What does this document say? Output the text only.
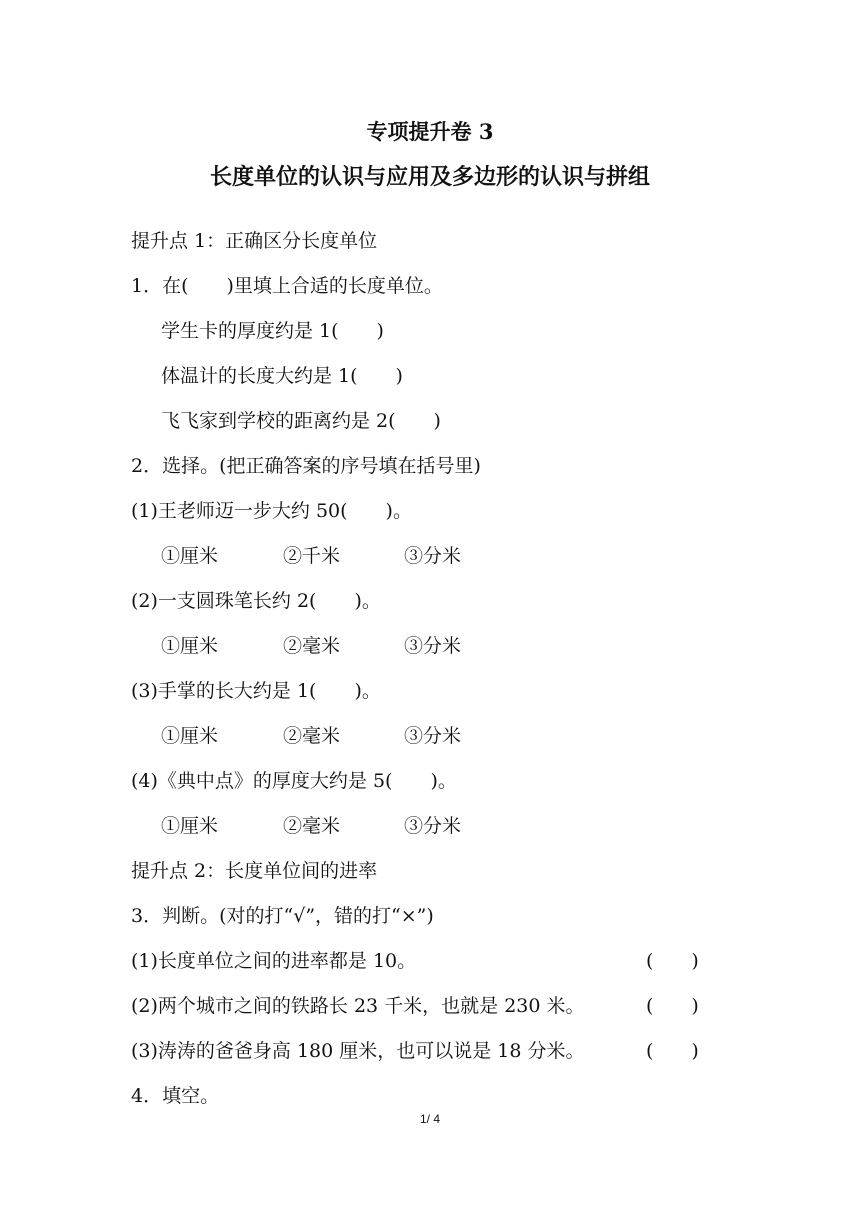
专项提升卷 3
长度单位的认识与应用及多边形的认识与拼组
提升点 1：正确区分长度单位
1．在(　　)里填上合适的长度单位。
学生卡的厚度约是 1(　　)
体温计的长度大约是 1(　　)
飞飞家到学校的距离约是 2(　　)
2．选择。(把正确答案的序号填在括号里)
(1)王老师迈一步大约 50(　　)。
①厘米	②千米	③分米
(2)一支圆珠笔长约 2(　　)。
①厘米	②毫米	③分米
(3)手掌的长大约是 1(　　)。
①厘米	②毫米	③分米
(4)《典中点》的厚度大约是 5(　　)。
①厘米	②毫米	③分米
提升点 2：长度单位间的进率
3．判断。(对的打“√”，错的打“×”)
(1)长度单位之间的进率都是 10。	(　　)
(2)两个城市之间的铁路长 23 千米，也就是 230 米。	(　　)
(3)涛涛的爸爸身高 180 厘米，也可以说是 18 分米。	(　　)
4．填空。
1/ 4
